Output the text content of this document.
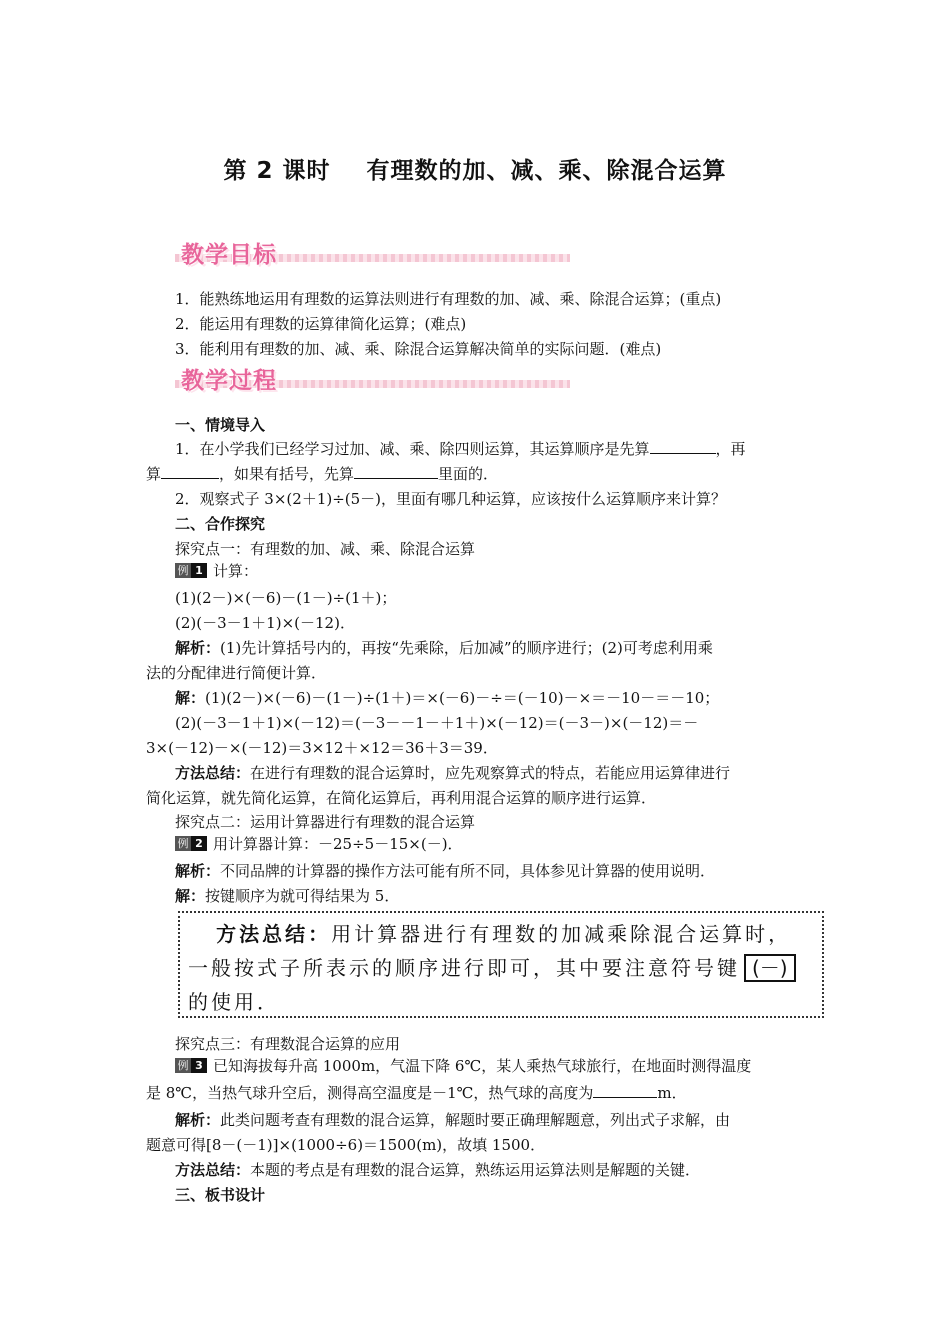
第 2 课时    有理数的加、减、乘、除混合运算
教学目标
1．能熟练地运用有理数的运算法则进行有理数的加、减、乘、除混合运算；(重点)
2．能运用有理数的运算律简化运算；(难点)
3．能利用有理数的加、减、乘、除混合运算解决简单的实际问题．(难点)
教学过程
一、情境导入
1．在小学我们已经学习过加、减、乘、除四则运算，其运算顺序是先算	，再
算	，如果有括号，先算	里面的．
2．观察式子 3×(2＋1)÷(5－)，里面有哪几种运算，应该按什么运算顺序来计算？
二、合作探究
探究点一：有理数的加、减、乘、除混合运算
例 1 计算：
(1)(2－)×(－6)－(1－)÷(1＋)；
(2)(－3－1＋1)×(－12)．
解析：(1)先计算括号内的，再按“先乘除，后加减”的顺序进行；(2)可考虑利用乘
法的分配律进行简便计算．
解：(1)(2－)×(－6)－(1－)÷(1＋)＝×(－6)－÷＝(－10)－×＝－10－＝－10；
(2)(－3－1＋1)×(－12)＝(－3－－1－＋1＋)×(－12)＝(－3－)×(－12)＝－
3×(－12)－×(－12)＝3×12＋×12＝36＋3＝39．
方法总结：在进行有理数的混合运算时，应先观察算式的特点，若能应用运算律进行
简化运算，就先简化运算，在简化运算后，再利用混合运算的顺序进行运算．
探究点二：运用计算器进行有理数的混合运算
例 2 用计算器计算：－25÷5－15×(－)．
解析：不同品牌的计算器的操作方法可能有所不同，具体参见计算器的使用说明．
解：按键顺序为就可得结果为 5．
方法总结：用计算器进行有理数的加减乘除混合运算时，
一般按式子所表示的顺序进行即可，其中要注意符号键 (－)
的使用．
探究点三：有理数混合运算的应用
例 3 已知海拔每升高 1000m，气温下降 6℃，某人乘热气球旅行，在地面时测得温度
是 8℃，当热气球升空后，测得高空温度是－1℃，热气球的高度为	m．
解析：此类问题考查有理数的混合运算，解题时要正确理解题意，列出式子求解，由
题意可得[8－(－1)]×(1000÷6)＝1500(m)，故填 1500．
方法总结：本题的考点是有理数的混合运算，熟练运用运算法则是解题的关键．
三、板书设计
